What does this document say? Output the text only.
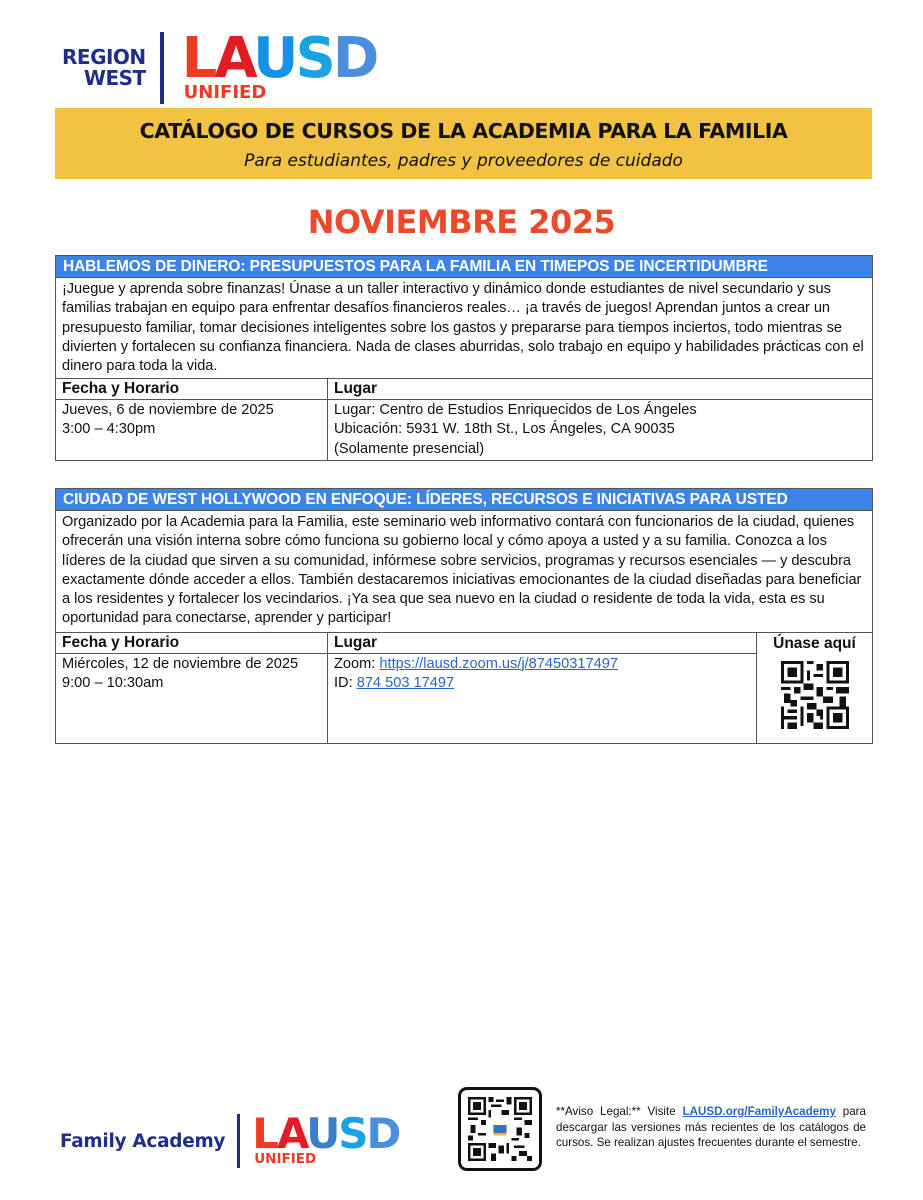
REGION
WEST LAUSD
UNIFIED
CATÁLOGO DE CURSOS DE LA ACADEMIA PARA LA FAMILIA
Para estudiantes, padres y proveedores de cuidado
NOVIEMBRE 2025
HABLEMOS DE DINERO: PRESUPUESTOS PARA LA FAMILIA EN TIMEPOS DE INCERTIDUMBRE
¡Juegue y aprenda sobre finanzas! Únase a un taller interactivo y dinámico donde estudiantes de nivel secundario y sus familias trabajan en equipo para enfrentar desafíos financieros reales… ¡a través de juegos! Aprendan juntos a crear un presupuesto familiar, tomar decisiones inteligentes sobre los gastos y prepararse para tiempos inciertos, todo mientras se divierten y fortalecen su confianza financiera. Nada de clases aburridas, solo trabajo en equipo y habilidades prácticas con el dinero para toda la vida.
Fecha y Horario	Lugar
Jueves, 6 de noviembre de 2025
3:00 – 4:30pm
Lugar: Centro de Estudios Enriquecidos de Los Ángeles
Ubicación: 5931 W. 18th St., Los Ángeles, CA 90035
(Solamente presencial)
CIUDAD DE WEST HOLLYWOOD EN ENFOQUE: LÍDERES, RECURSOS E INICIATIVAS PARA USTED
Organizado por la Academia para la Familia, este seminario web informativo contará con funcionarios de la ciudad, quienes ofrecerán una visión interna sobre cómo funciona su gobierno local y cómo apoya a usted y a su familia. Conozca a los líderes de la ciudad que sirven a su comunidad, infórmese sobre servicios, programas y recursos esenciales — y descubra exactamente dónde acceder a ellos. También destacaremos iniciativas emocionantes de la ciudad diseñadas para beneficiar a los residentes y fortalecer los vecindarios. ¡Ya sea que sea nuevo en la ciudad o residente de toda la vida, esta es su oportunidad para conectarse, aprender y participar!
Fecha y Horario	Lugar
Miércoles, 12 de noviembre de 2025
9:00 – 10:30am
Zoom: https://lausd.zoom.us/j/87450317497
ID: 874 503 17497
Únase aquí
Family Academy LAUSD
UNIFIED
**Aviso Legal:** Visite LAUSD.org/FamilyAcademy para descargar las versiones más recientes de los catálogos de cursos. Se realizan ajustes frecuentes durante el semestre.
